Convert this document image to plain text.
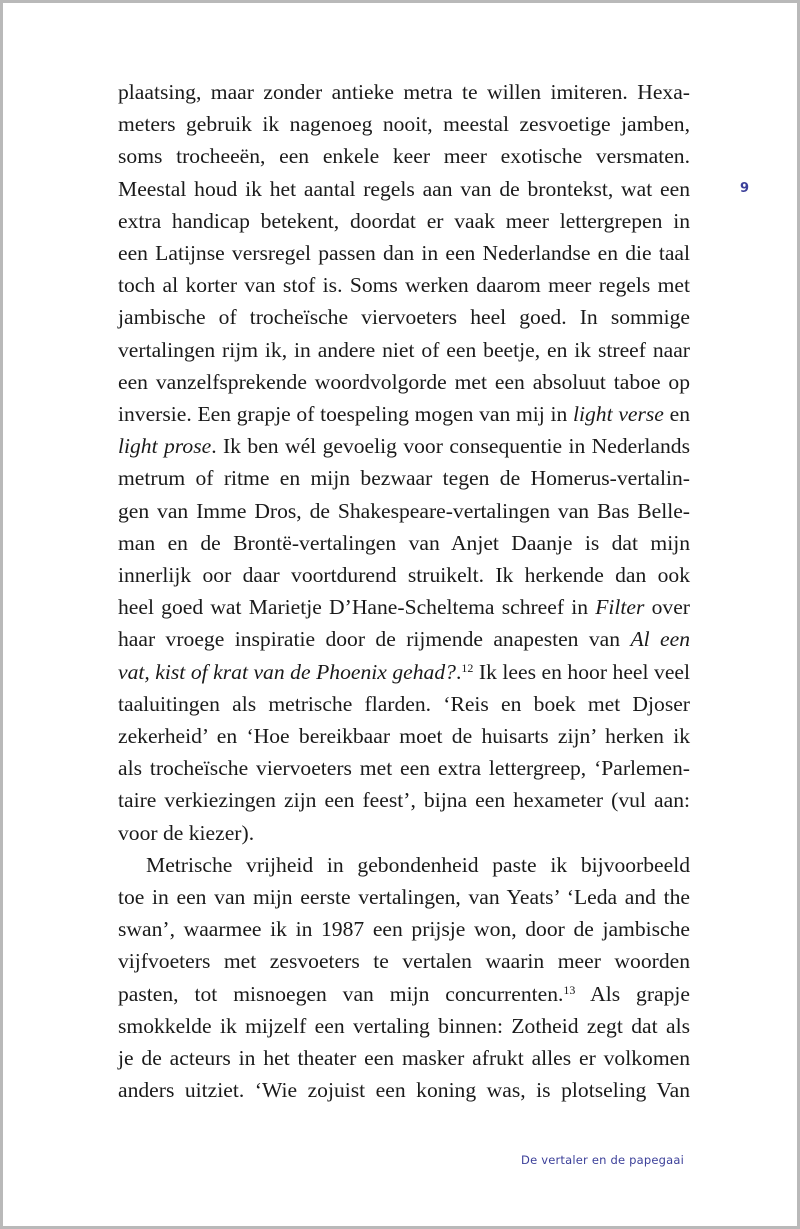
9
plaatsing, maar zonder antieke metra te willen imiteren. Hexa-
meters gebruik ik nagenoeg nooit, meestal zesvoetige jamben,
soms trocheeën, een enkele keer meer exotische versmaten.
Meestal houd ik het aantal regels aan van de brontekst, wat een
extra handicap betekent, doordat er vaak meer lettergrepen in
een Latijnse versregel passen dan in een Nederlandse en die taal
toch al korter van stof is. Soms werken daarom meer regels met
jambische of trocheïsche viervoeters heel goed. In sommige
vertalingen rijm ik, in andere niet of een beetje, en ik streef naar
een vanzelfsprekende woordvolgorde met een absoluut taboe op
inversie. Een grapje of toespeling mogen van mij in light verse en
light prose. Ik ben wél gevoelig voor consequentie in Nederlands
metrum of ritme en mijn bezwaar tegen de Homerus-vertalin-
gen van Imme Dros, de Shakespeare-vertalingen van Bas Belle-
man en de Brontë-vertalingen van Anjet Daanje is dat mijn
innerlijk oor daar voortdurend struikelt. Ik herkende dan ook
heel goed wat Marietje D’Hane-Scheltema schreef in Filter over
haar vroege inspiratie door de rijmende anapesten van Al een
vat, kist of krat van de Phoenix gehad?.$^{12}$ Ik lees en hoor heel veel
taaluitingen als metrische flarden. ‘Reis en boek met Djoser
zekerheid’ en ‘Hoe bereikbaar moet de huisarts zijn’ herken ik
als trocheïsche viervoeters met een extra lettergreep, ‘Parlemen-
taire verkiezingen zijn een feest’, bijna een hexameter (vul aan:
voor de kiezer).
Metrische vrijheid in gebondenheid paste ik bijvoorbeeld
toe in een van mijn eerste vertalingen, van Yeats’ ‘Leda and the
swan’, waarmee ik in 1987 een prijsje won, door de jambische
vijfvoeters met zesvoeters te vertalen waarin meer woorden
pasten, tot misnoegen van mijn concurrenten.$^{13}$ Als grapje
smokkelde ik mijzelf een vertaling binnen: Zotheid zegt dat als
je de acteurs in het theater een masker afrukt alles er volkomen
anders uitziet. ‘Wie zojuist een koning was, is plotseling Van
De vertaler en de papegaai
